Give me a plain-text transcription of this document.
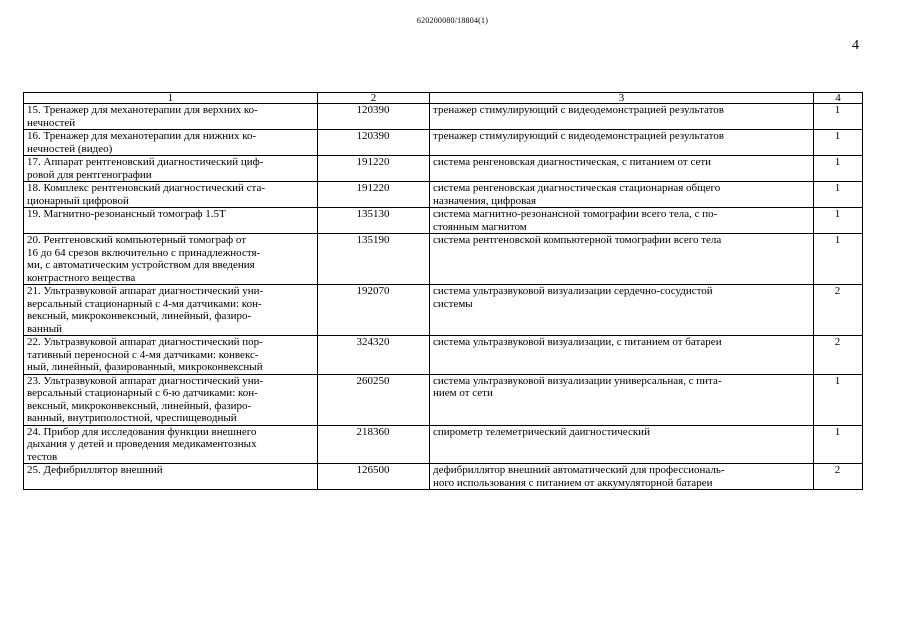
620200080/18804(1)
4
1	2	3	4
15. Тренажер для механотерапии для верхних ко-
нечностей	120390	тренажер стимулирующий с видеодемонстрацией результатов	1
16. Тренажер для механотерапии для нижних ко-
нечностей (видео)	120390	тренажер стимулирующий с видеодемонстрацией результатов	1
17. Аппарат рентгеновский диагностический циф-
ровой для рентгенографии	191220	система ренгеновская диагностическая, с питанием от сети	1
18. Комплекс рентгеновский диагностический ста-
ционарный цифровой	191220	система ренгеновская диагностическая стационарная общего
назначения, цифровая	1
19. Магнитно-резонансный томограф 1.5Т	135130	система магнитно-резонансной томографии всего тела, с по-
стоянным магнитом	1
20. Рентгеновский компьютерный томограф от
16 до 64 срезов включительно с принадлежностя-
ми, с автоматическим устройством для введения
контрастного вещества	135190	система рентгеновской компьютерной томографии всего тела	1
21. Ультразвуковой аппарат диагностический уни-
версальный стационарный с 4-мя датчиками: кон-
вексный, микроконвексный, линейный, фазиро-
ванный	192070	система ультразвуковой визуализации сердечно-сосудистой
системы	2
22. Ультразвуковой аппарат диагностический пор-
тативный переносной с 4-мя датчиками: конвекс-
ный, линейный, фазированный, микроконвексный	324320	система ультразвуковой визуализации, с питанием от батареи	2
23. Ультразвуковой аппарат диагностический уни-
версальный стационарный с 6-ю датчиками: кон-
вексный, микроконвексный, линейный, фазиро-
ванный, внутриполостной, чреспищеводный	260250	система ультразвуковой визуализации универсальная, с пита-
нием от сети	1
24. Прибор для исследования функции внешнего
дыхания у детей и проведения медикаментозных
тестов	218360	спирометр телеметрический даигностический	1
25. Дефибриллятор внешний	126500	дефибриллятор внешний автоматический для профессиональ-
ного использования с питанием от аккумуляторной батареи	2
